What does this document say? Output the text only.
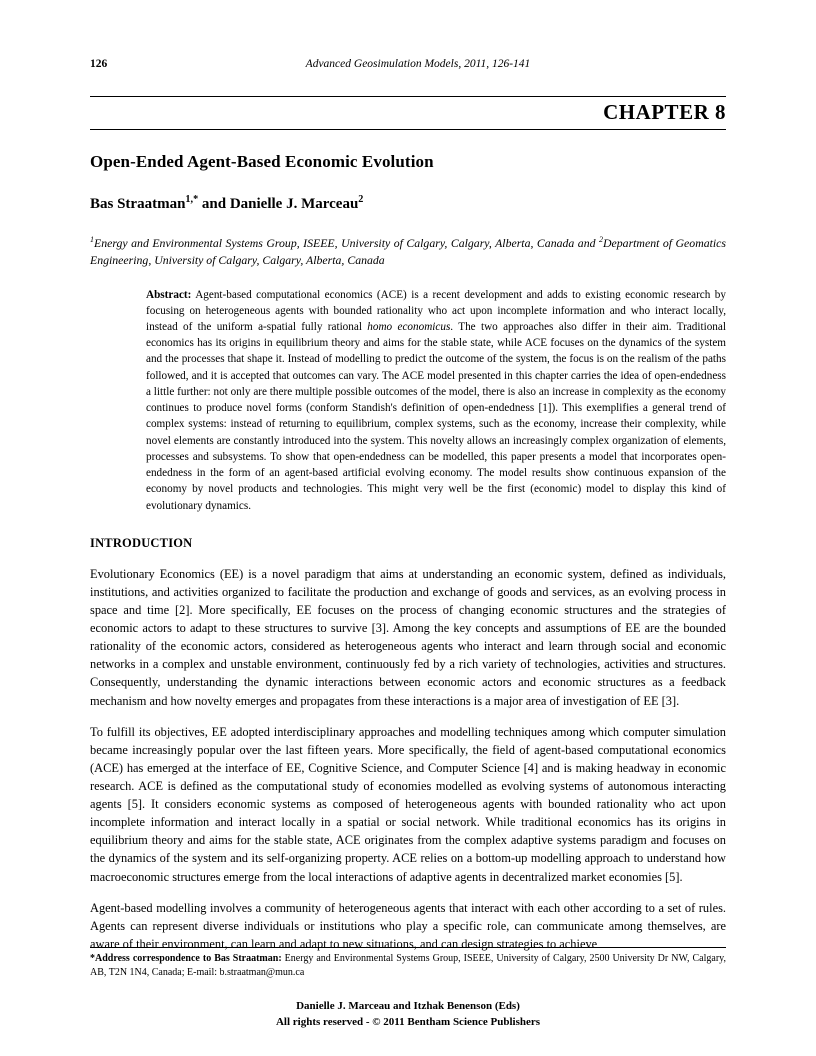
126	Advanced Geosimulation Models, 2011, 126-141
CHAPTER 8
Open-Ended Agent-Based Economic Evolution
Bas Straatman$^{1,*}$ and Danielle J. Marceau$^2$
$^1$Energy and Environmental Systems Group, ISEEE, University of Calgary, Calgary, Alberta, Canada and $^2$Department of Geomatics Engineering, University of Calgary, Calgary, Alberta, Canada
Abstract: Agent-based computational economics (ACE) is a recent development and adds to existing economic research by focusing on heterogeneous agents with bounded rationality who act upon incomplete information and who interact locally, instead of the uniform a-spatial fully rational homo economicus. The two approaches also differ in their aim. Traditional economics has its origins in equilibrium theory and aims for the stable state, while ACE focuses on the dynamics of the system and the processes that shape it. Instead of modelling to predict the outcome of the system, the focus is on the realism of the paths followed, and it is accepted that outcomes can vary. The ACE model presented in this chapter carries the idea of open-endedness a little further: not only are there multiple possible outcomes of the model, there is also an increase in complexity as the economy continues to produce novel forms (conform Standish's definition of open-endedness [1]). This exemplifies a general trend of complex systems: instead of returning to equilibrium, complex systems, such as the economy, increase their complexity, while novel elements are constantly introduced into the system. This novelty allows an increasingly complex organization of elements, processes and subsystems. To show that open-endedness can be modelled, this paper presents a model that incorporates open-endedness in the form of an agent-based artificial evolving economy. The model results show continuous expansion of the economy by novel products and technologies. This might very well be the first (economic) model to display this kind of evolutionary dynamics.
INTRODUCTION

Evolutionary Economics (EE) is a novel paradigm that aims at understanding an economic system, defined as individuals, institutions, and activities organized to facilitate the production and exchange of goods and services, as an evolving process in space and time [2]. More specifically, EE focuses on the process of changing economic structures and the strategies of economic actors to adapt to these structures to survive [3]. Among the key concepts and assumptions of EE are the bounded rationality of the economic actors, considered as heterogeneous agents who interact and learn through social and economic networks in a complex and unstable environment, continuously fed by a rich variety of technologies, activities and structures. Consequently, understanding the dynamic interactions between economic actors and economic structures as a feedback mechanism and how novelty emerges and propagates from these interactions is a major area of investigation of EE [3].

To fulfill its objectives, EE adopted interdisciplinary approaches and modelling techniques among which computer simulation became increasingly popular over the last fifteen years. More specifically, the field of agent-based computational economics (ACE) has emerged at the interface of EE, Cognitive Science, and Computer Science [4] and is making headway in economic research. ACE is defined as the computational study of economies modelled as evolving systems of autonomous interacting agents [5]. It considers economic systems as composed of heterogeneous agents with bounded rationality who act upon incomplete information and interact locally in a spatial or social network. While traditional economics has its origins in equilibrium theory and aims for the stable state, ACE originates from the complex adaptive systems paradigm and focuses on the dynamics of the system and its self-organizing property. ACE relies on a bottom-up modelling approach to understand how macroeconomic structures emerge from the local interactions of adaptive agents in decentralized market economies [5].

Agent-based modelling involves a community of heterogeneous agents that interact with each other according to a set of rules. Agents can represent diverse individuals or institutions who play a specific role, can communicate among themselves, are aware of their environment, can learn and adapt to new situations, and can design strategies to achieve

*Address correspondence to Bas Straatman: Energy and Environmental Systems Group, ISEEE, University of Calgary, 2500 University Dr NW, Calgary, AB, T2N 1N4, Canada; E-mail: b.straatman@mun.ca
Danielle J. Marceau and Itzhak Benenson (Eds)
All rights reserved - © 2011 Bentham Science Publishers
